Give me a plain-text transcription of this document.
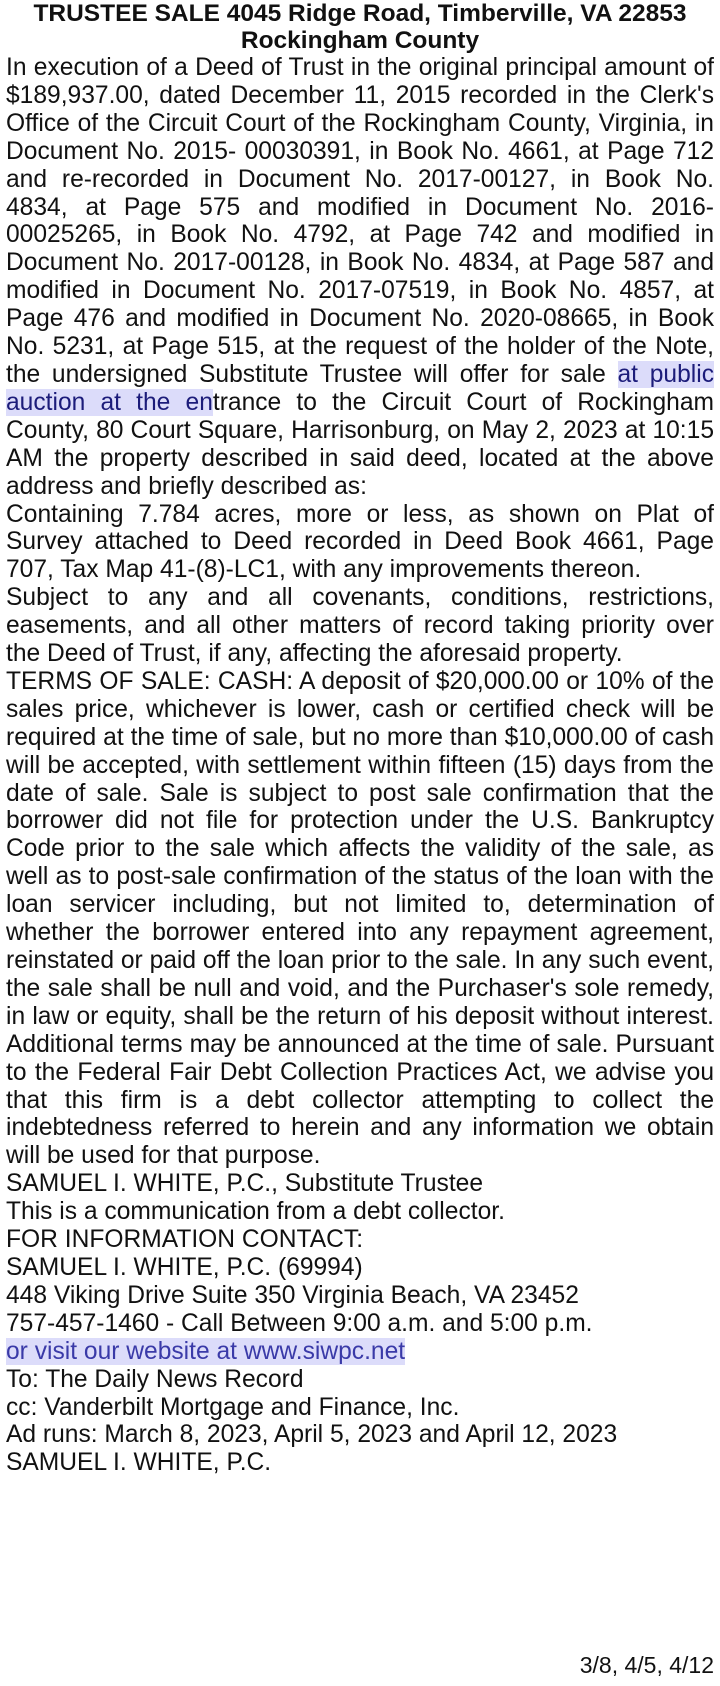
TRUSTEE SALE 4045 Ridge Road, Timberville, VA 22853 Rockingham County

In execution of a Deed of Trust in the original principal amount of $189,937.00, dated December 11, 2015 recorded in the Clerk's Office of the Circuit Court of the Rockingham County, Virginia, in Document No. 2015- 00030391, in Book No. 4661, at Page 712 and re-recorded in Document No. 2017-00127, in Book No. 4834, at Page 575 and modified in Document No. 2016-00025265, in Book No. 4792, at Page 742 and modified in Document No. 2017-00128, in Book No. 4834, at Page 587 and modified in Document No. 2017-07519, in Book No. 4857, at Page 476 and modified in Document No. 2020-08665, in Book No. 5231, at Page 515, at the request of the holder of the Note, the undersigned Substitute Trustee will offer for sale at public auction at the entrance to the Circuit Court of Rockingham County, 80 Court Square, Harrisonburg, on May 2, 2023 at 10:15 AM the property described in said deed, located at the above address and briefly described as:

Containing 7.784 acres, more or less, as shown on Plat of Survey attached to Deed recorded in Deed Book 4661, Page 707, Tax Map 41-(8)-LC1, with any improvements thereon.

Subject to any and all covenants, conditions, restrictions, easements, and all other matters of record taking priority over the Deed of Trust, if any, affecting the aforesaid property.

TERMS OF SALE: CASH: A deposit of $20,000.00 or 10% of the sales price, whichever is lower, cash or certified check will be required at the time of sale, but no more than $10,000.00 of cash will be accepted, with settlement within fifteen (15) days from the date of sale. Sale is subject to post sale confirmation that the borrower did not file for protection under the U.S. Bankruptcy Code prior to the sale which affects the validity of the sale, as well as to post-sale confirmation of the status of the loan with the loan servicer including, but not limited to, determination of whether the borrower entered into any repayment agreement, reinstated or paid off the loan prior to the sale. In any such event, the sale shall be null and void, and the Purchaser's sole remedy, in law or equity, shall be the return of his deposit without interest. Additional terms may be announced at the time of sale. Pursuant to the Federal Fair Debt Collection Practices Act, we advise you that this firm is a debt collector attempting to collect the indebtedness referred to herein and any information we obtain will be used for that purpose.

SAMUEL I. WHITE, P.C., Substitute Trustee

This is a communication from a debt collector.

FOR INFORMATION CONTACT:

SAMUEL I. WHITE, P.C. (69994)

448 Viking Drive Suite 350 Virginia Beach, VA 23452

757-457-1460 - Call Between 9:00 a.m. and 5:00 p.m.

or visit our website at www.siwpc.net

To: The Daily News Record

cc: Vanderbilt Mortgage and Finance, Inc.

Ad runs: March 8, 2023, April 5, 2023 and April 12, 2023

SAMUEL I. WHITE, P.C.

3/8, 4/5, 4/12
